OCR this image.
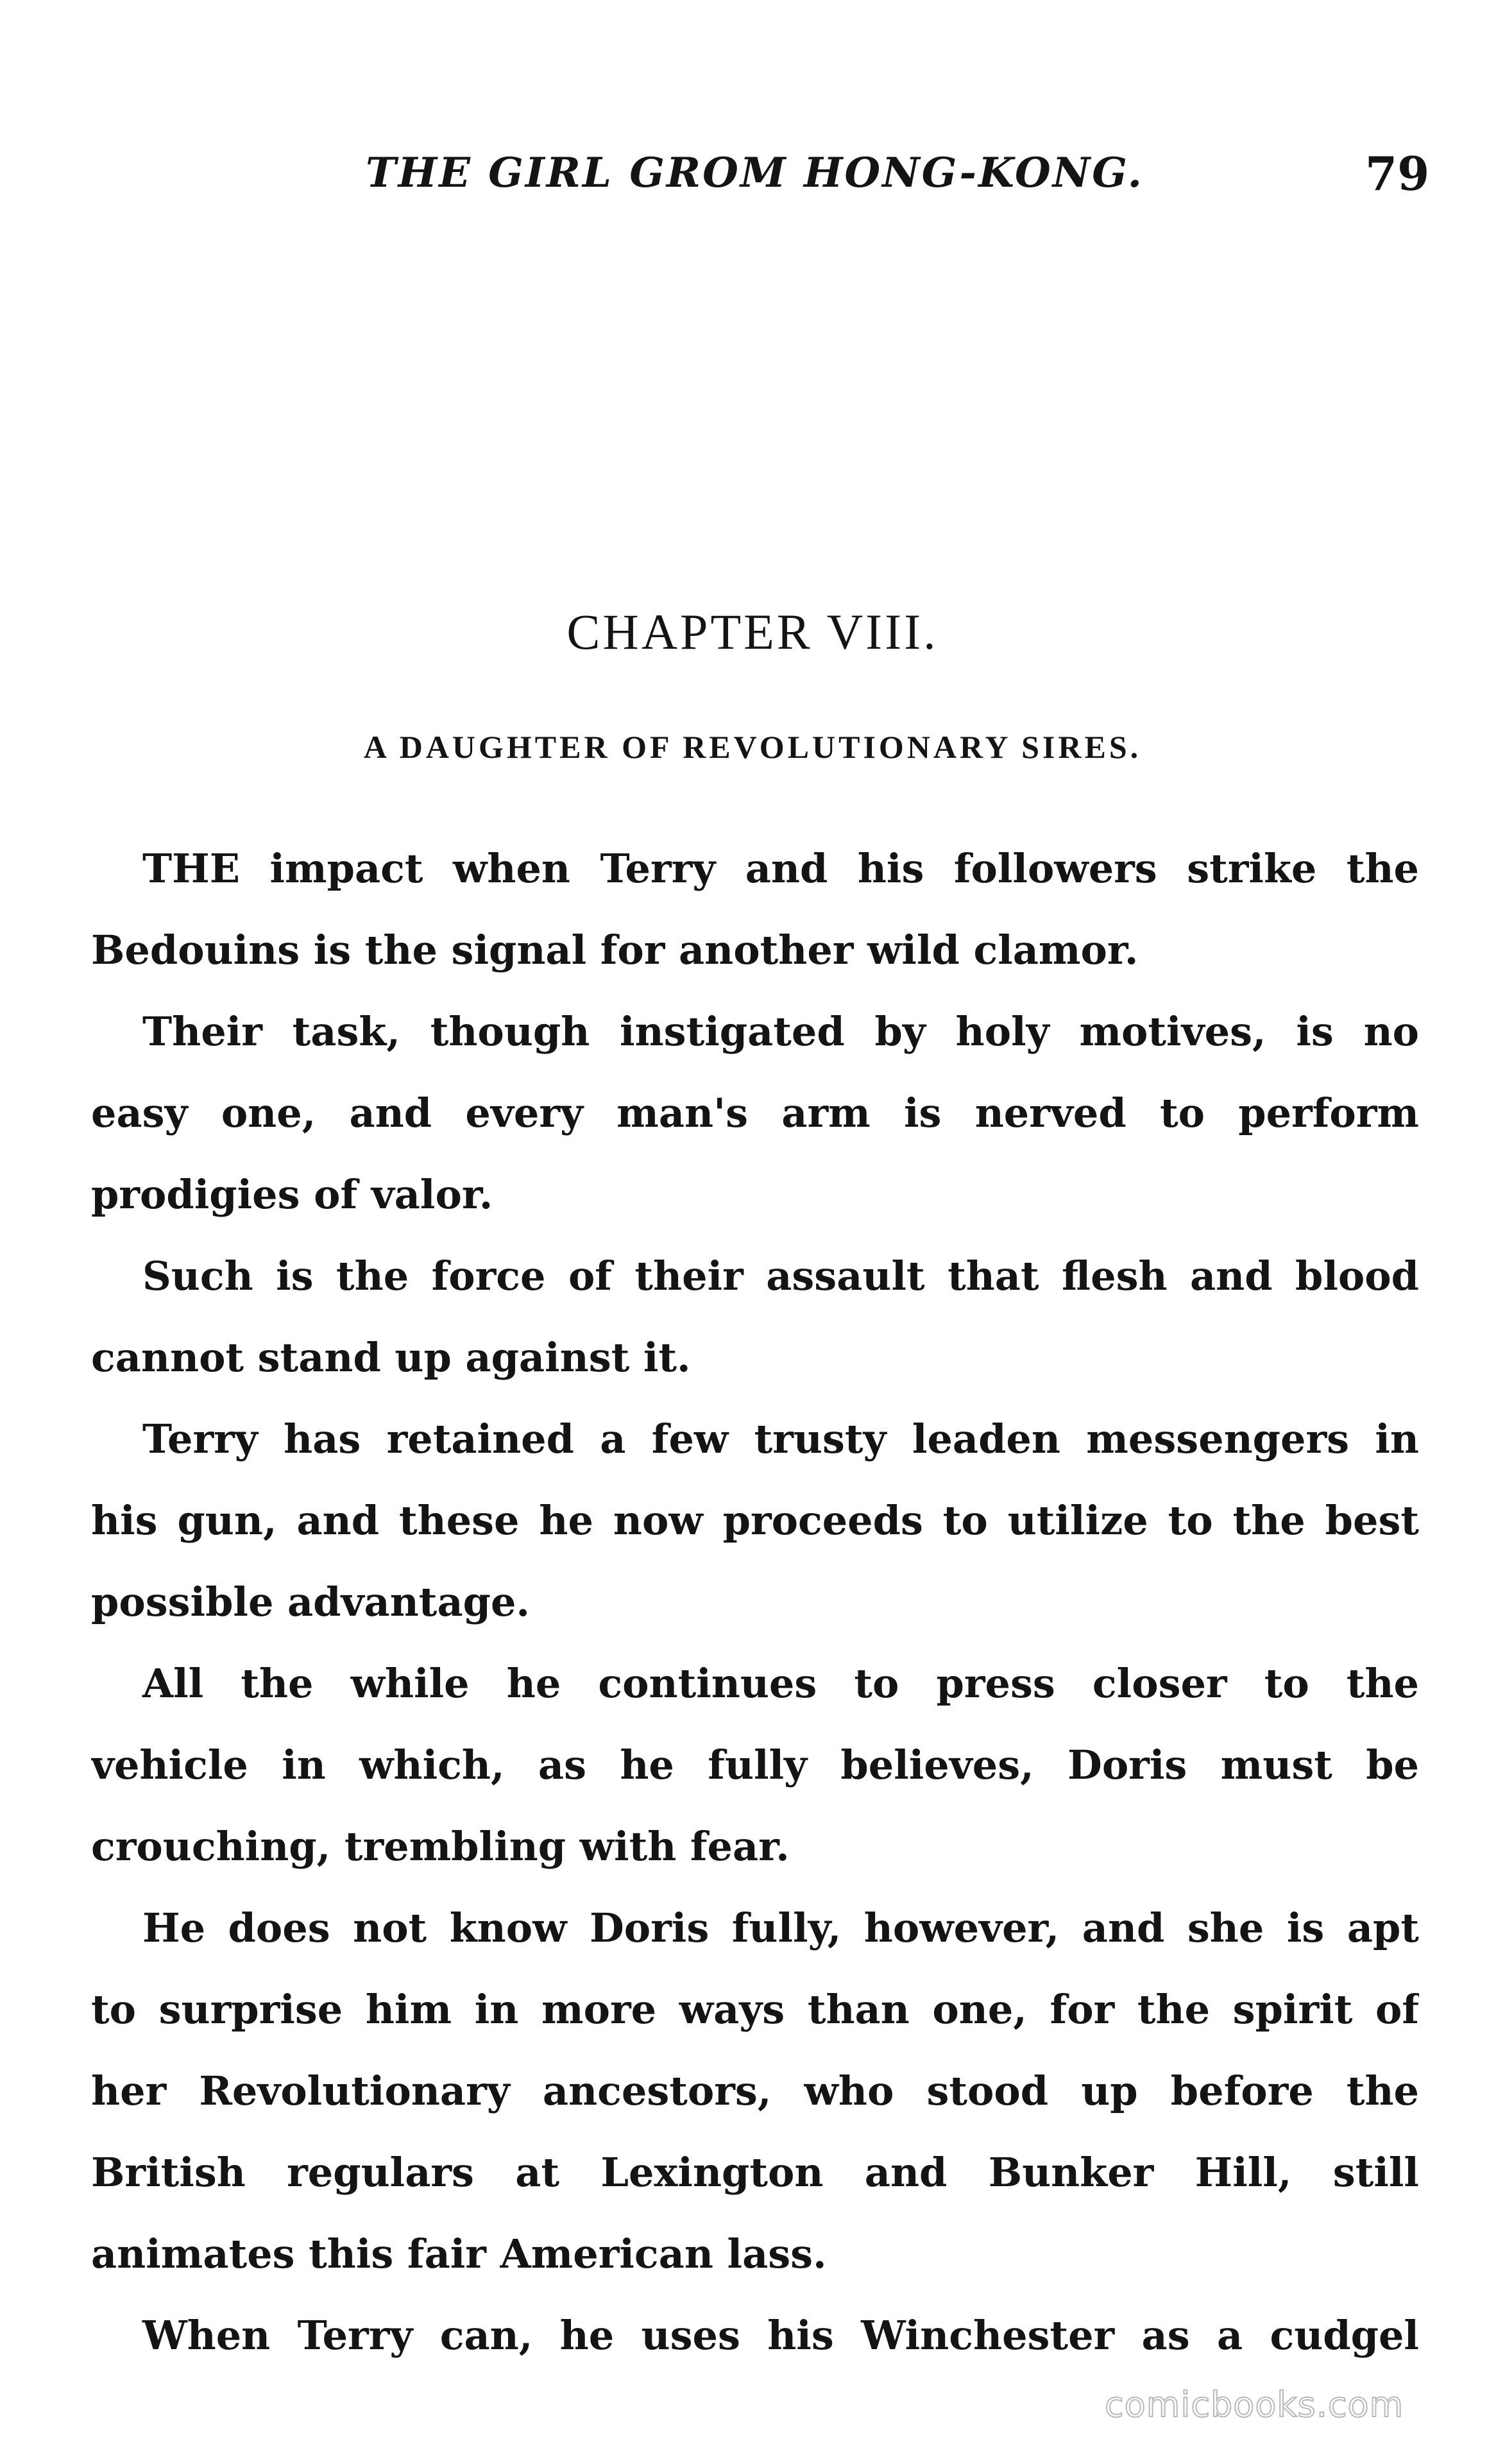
THE GIRL GROM HONG-KONG.	79
CHAPTER VIII.
A DAUGHTER OF REVOLUTIONARY SIRES.
THE impact when Terry and his followers strike the
Bedouins is the signal for another wild clamor.
Their task, though instigated by holy motives, is no
easy one, and every man's arm is nerved to perform
prodigies of valor.
Such is the force of their assault that flesh and blood
cannot stand up against it.
Terry has retained a few trusty leaden messengers in
his gun, and these he now proceeds to utilize to the best
possible advantage.
All the while he continues to press closer to the
vehicle in which, as he fully believes, Doris must be
crouching, trembling with fear.
He does not know Doris fully, however, and she is apt
to surprise him in more ways than one, for the spirit of
her Revolutionary ancestors, who stood up before the
British regulars at Lexington and Bunker Hill, still
animates this fair American lass.
When Terry can, he uses his Winchester as a cudgel
comicbooks.com
